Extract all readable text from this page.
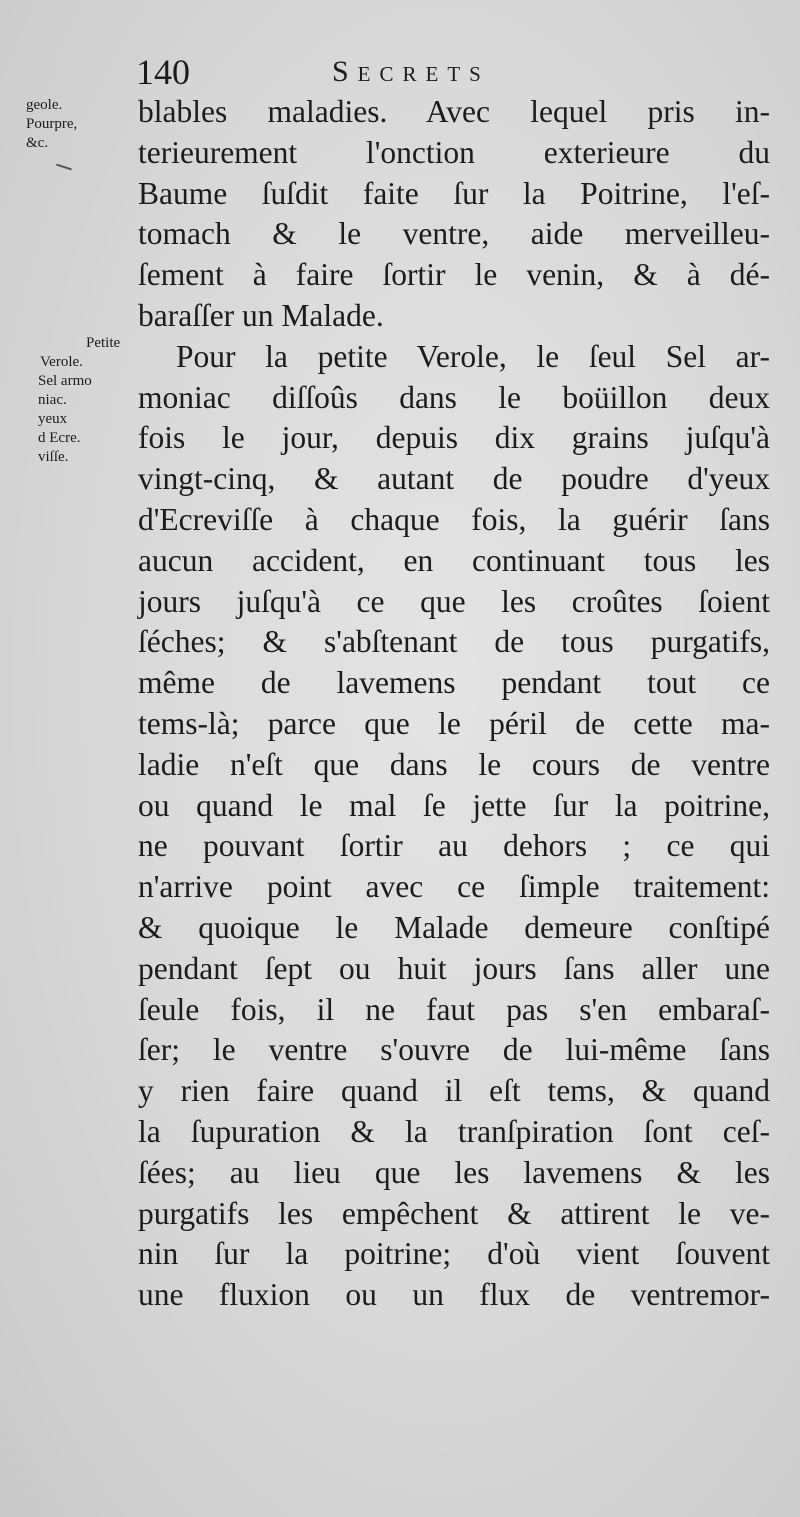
140	Secrets
geole.
Pourpre,
&c.
Petite
Verole.
Sel armo
niac.
yeux
d Ecre.
viſſe.
blables maladies. Avec lequel pris in-
terieurement l'onction exterieure du
Baume ſuſdit faite ſur la Poitrine, l'eſ-
tomach & le ventre, aide merveilleu-
ſement à faire ſortir le venin, & à dé-
baraſſer un Malade.
Pour la petite Verole, le ſeul Sel ar-
moniac diſſoûs dans le boüillon deux
fois le jour, depuis dix grains juſqu'à
vingt-cinq, & autant de poudre d'yeux
d'Ecreviſſe à chaque fois, la guérir ſans
aucun accident, en continuant tous les
jours juſqu'à ce que les croûtes ſoient
ſéches; & s'abſtenant de tous purgatifs,
même de lavemens pendant tout ce
tems-là; parce que le péril de cette ma-
ladie n'eſt que dans le cours de ventre
ou quand le mal ſe jette ſur la poitrine,
ne pouvant ſortir au dehors ; ce qui
n'arrive point avec ce ſimple traitement:
& quoique le Malade demeure conſtipé
pendant ſept ou huit jours ſans aller une
ſeule fois, il ne faut pas s'en embaraſ-
ſer; le ventre s'ouvre de lui-même ſans
y rien faire quand il eſt tems, & quand
la ſupuration & la tranſpiration ſont ceſ-
ſées; au lieu que les lavemens & les
purgatifs les empêchent & attirent le ve-
nin ſur la poitrine; d'où vient ſouvent
une fluxion ou un flux de ventremor-
